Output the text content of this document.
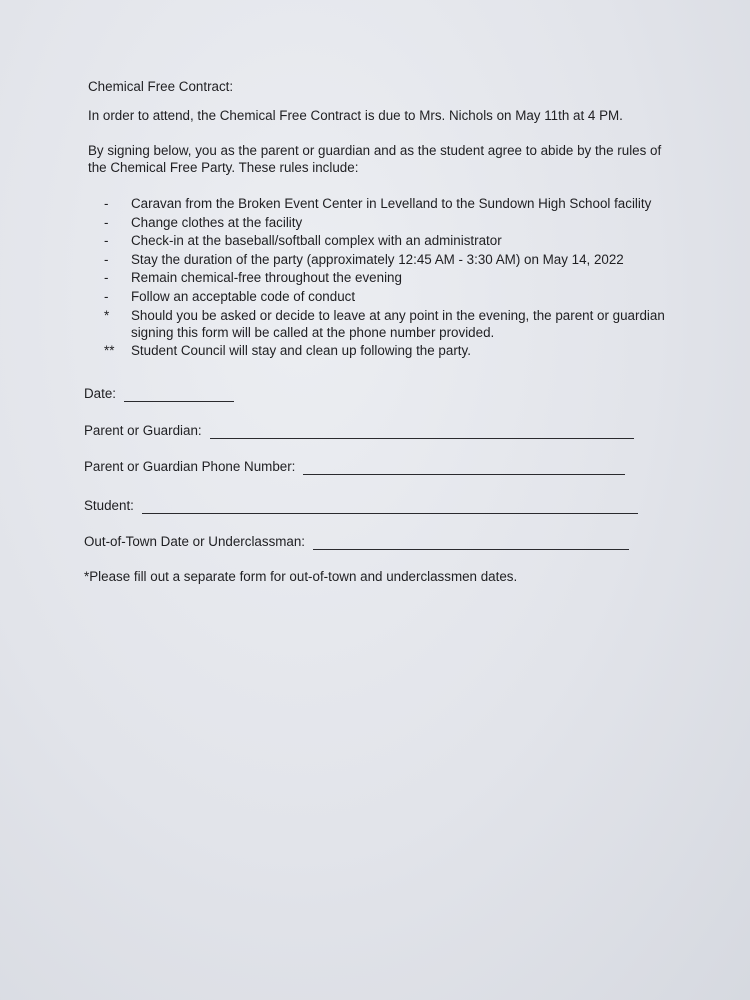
Chemical Free Contract:
In order to attend, the Chemical Free Contract is due to Mrs. Nichols on May 11th at 4 PM.
By signing below, you as the parent or guardian and as the student agree to abide by the rules of the Chemical Free Party. These rules include:
-	Caravan from the Broken Event Center in Levelland to the Sundown High School facility
-	Change clothes at the facility
-	Check-in at the baseball/softball complex with an administrator
-	Stay the duration of the party (approximately 12:45 AM - 3:30 AM) on May 14, 2022
-	Remain chemical-free throughout the evening
-	Follow an acceptable code of conduct
*	Should you be asked or decide to leave at any point in the evening, the parent or guardian signing this form will be called at the phone number provided.
**	Student Council will stay and clean up following the party.
Date:
Parent or Guardian:
Parent or Guardian Phone Number:
Student:
Out-of-Town Date or Underclassman:
*Please fill out a separate form for out-of-town and underclassmen dates.
